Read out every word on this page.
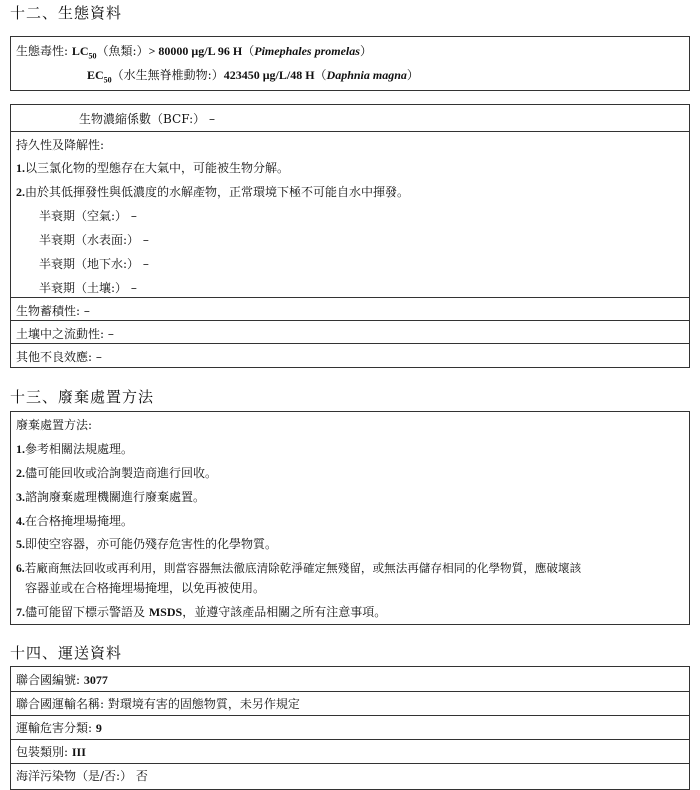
十二、生態資料
生態毒性: $LC_{50}$（魚類:）> 80000 μg/L 96 H（Pimephales promelas）
$EC_{50}$（水生無脊椎動物:）423450 μg/L/48 H（Daphnia magna）
生物濃縮係數（BCF:） –
持久性及降解性:
1.以三氯化物的型態存在大氣中，可能被生物分解。
2.由於其低揮發性與低濃度的水解產物，正常環境下極不可能自水中揮發。
半衰期（空氣:） –
半衰期（水表面:） –
半衰期（地下水:） –
半衰期（土壤:） –
生物蓄積性: –
土壤中之流動性: –
其他不良效應: –
十三、廢棄處置方法
廢棄處置方法:
1.參考相關法規處理。
2.儘可能回收或洽詢製造商進行回收。
3.諮詢廢棄處理機關進行廢棄處置。
4.在合格掩埋場掩埋。
5.即使空容器，亦可能仍殘存危害性的化學物質。
6.若廠商無法回收或再利用，則當容器無法徹底清除乾淨確定無殘留，或無法再儲存相同的化學物質，應破壞該
容器並或在合格掩埋場掩埋，以免再被使用。
7.儘可能留下標示警語及 MSDS，並遵守該產品相關之所有注意事項。
十四、運送資料
聯合國編號: 3077
聯合國運輸名稱: 對環境有害的固態物質，未另作規定
運輸危害分類: 9
包裝類別: III
海洋污染物（是/否:） 否
